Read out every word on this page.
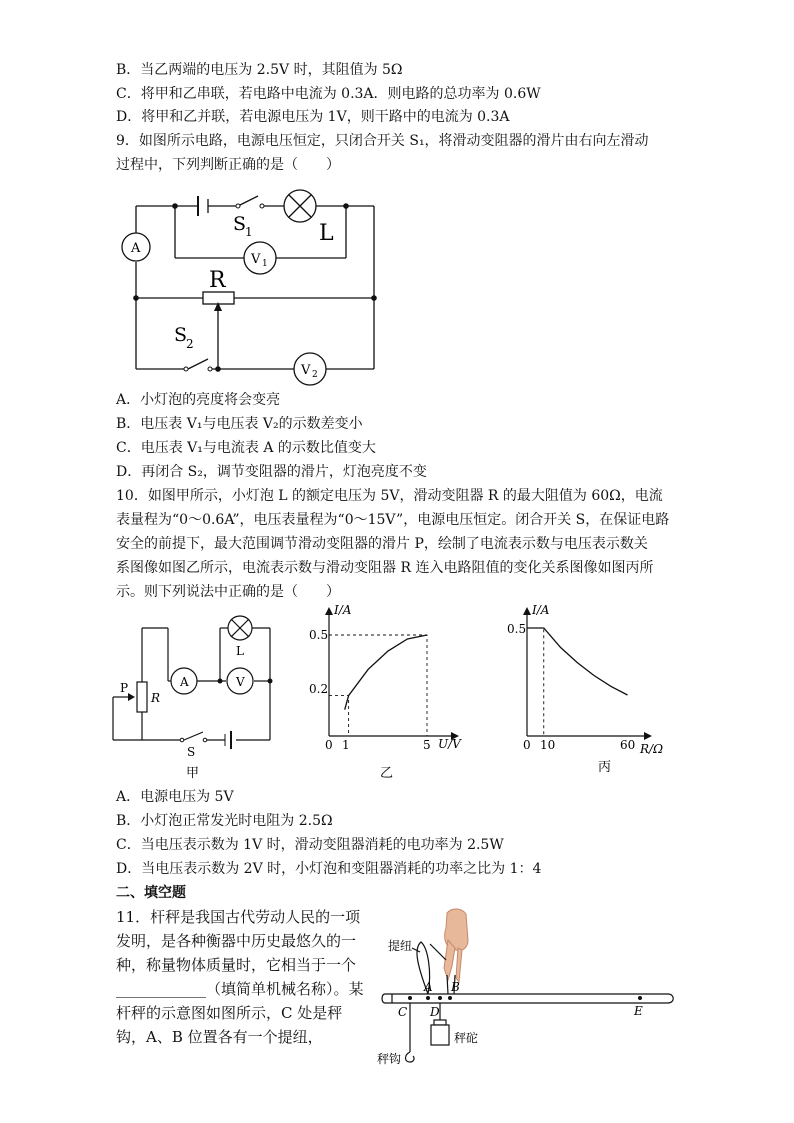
B．当乙两端的电压为 2.5V 时，其阻值为 5Ω
C．将甲和乙串联，若电路中电流为 0.3A．则电路的总功率为 0.6W
D．将甲和乙并联，若电源电压为 1V，则干路中的电流为 0.3A
9．如图所示电路，电源电压恒定，只闭合开关 S₁，将滑动变阻器的滑片由右向左滑动
过程中，下列判断正确的是（　　）
A
S
1	L
V 1
R
S
2
V 2
A．小灯泡的亮度将会变亮
B．电压表 V₁与电压表 V₂的示数差变小
C．电压表 V₁与电流表 A 的示数比值变大
D．再闭合 S₂，调节变阻器的滑片，灯泡亮度不变
10．如图甲所示，小灯泡 L 的额定电压为 5V，滑动变阻器 R 的最大阻值为 60Ω，电流
表量程为“0～0.6A”，电压表量程为“0～15V”，电源电压恒定。闭合开关 S，在保证电路
安全的前提下，最大范围调节滑动变阻器的滑片 P，绘制了电流表示数与电压表示数关
系图像如图乙所示，电流表示数与滑动变阻器 R 连入电路阻值的变化关系图像如图丙所
示。则下列说法中正确的是（　　）
L
A	V
P
R
S
甲
I/A
U/V
0 1	5
0.2
0.5
乙
I/A
R/Ω
0 10	60
0.5
丙
A．电源电压为 5V
B．小灯泡正常发光时电阻为 2.5Ω
C．当电压表示数为 1V 时，滑动变阻器消耗的电功率为 2.5W
D．当电压表示数为 2V 时，小灯泡和变阻器消耗的功率之比为 1：4
二、填空题
11．杆秤是我国古代劳动人民的一项
发明，是各种衡器中历史最悠久的一
种，称量物体质量时，它相当于一个
____________（填简单机械名称）。某
杆秤的示意图如图所示，C 处是秤
钩，A、B 位置各有一个提纽，
提纽
A B
C D	E
秤砣
秤钩
